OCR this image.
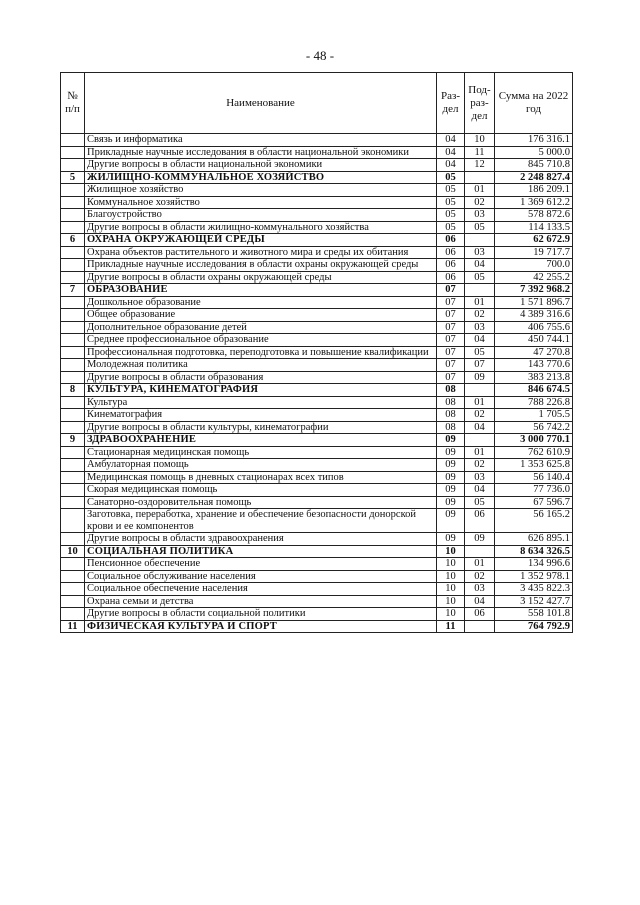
- 48 -
№ п/п	Наименование	Раз- дел	Под- раз- дел	Сумма на 2022 год
	Связь и информатика	04	10	176 316.1
	Прикладные научные исследования в области национальной экономики	04	11	5 000.0
	Другие вопросы в области национальной экономики	04	12	845 710.8
5	ЖИЛИЩНО-КОММУНАЛЬНОЕ ХОЗЯЙСТВО	05		2 248 827.4
	Жилищное хозяйство	05	01	186 209.1
	Коммунальное хозяйство	05	02	1 369 612.2
	Благоустройство	05	03	578 872.6
	Другие вопросы в области жилищно-коммунального хозяйства	05	05	114 133.5
6	ОХРАНА ОКРУЖАЮЩЕЙ СРЕДЫ	06		62 672.9
	Охрана объектов растительного и животного мира и среды их обитания	06	03	19 717.7
	Прикладные научные исследования в области охраны окружающей среды	06	04	700.0
	Другие вопросы в области охраны окружающей среды	06	05	42 255.2
7	ОБРАЗОВАНИЕ	07		7 392 968.2
	Дошкольное образование	07	01	1 571 896.7
	Общее образование	07	02	4 389 316.6
	Дополнительное образование детей	07	03	406 755.6
	Среднее профессиональное образование	07	04	450 744.1
	Профессиональная подготовка, переподготовка и повышение квалификации	07	05	47 270.8
	Молодежная политика	07	07	143 770.6
	Другие вопросы в области образования	07	09	383 213.8
8	КУЛЬТУРА, КИНЕМАТОГРАФИЯ	08		846 674.5
	Культура	08	01	788 226.8
	Кинематография	08	02	1 705.5
	Другие вопросы в области культуры, кинематографии	08	04	56 742.2
9	ЗДРАВООХРАНЕНИЕ	09		3 000 770.1
	Стационарная медицинская помощь	09	01	762 610.9
	Амбулаторная помощь	09	02	1 353 625.8
	Медицинская помощь в дневных стационарах всех типов	09	03	56 140.4
	Скорая медицинская помощь	09	04	77 736.0
	Санаторно-оздоровительная помощь	09	05	67 596.7
	Заготовка, переработка, хранение и обеспечение безопасности донорской крови и ее компонентов	09	06	56 165.2
	Другие вопросы в области здравоохранения	09	09	626 895.1
10	СОЦИАЛЬНАЯ ПОЛИТИКА	10		8 634 326.5
	Пенсионное обеспечение	10	01	134 996.6
	Социальное обслуживание населения	10	02	1 352 978.1
	Социальное обеспечение населения	10	03	3 435 822.3
	Охрана семьи и детства	10	04	3 152 427.7
	Другие вопросы в области социальной политики	10	06	558 101.8
11	ФИЗИЧЕСКАЯ КУЛЬТУРА И СПОРТ	11		764 792.9
